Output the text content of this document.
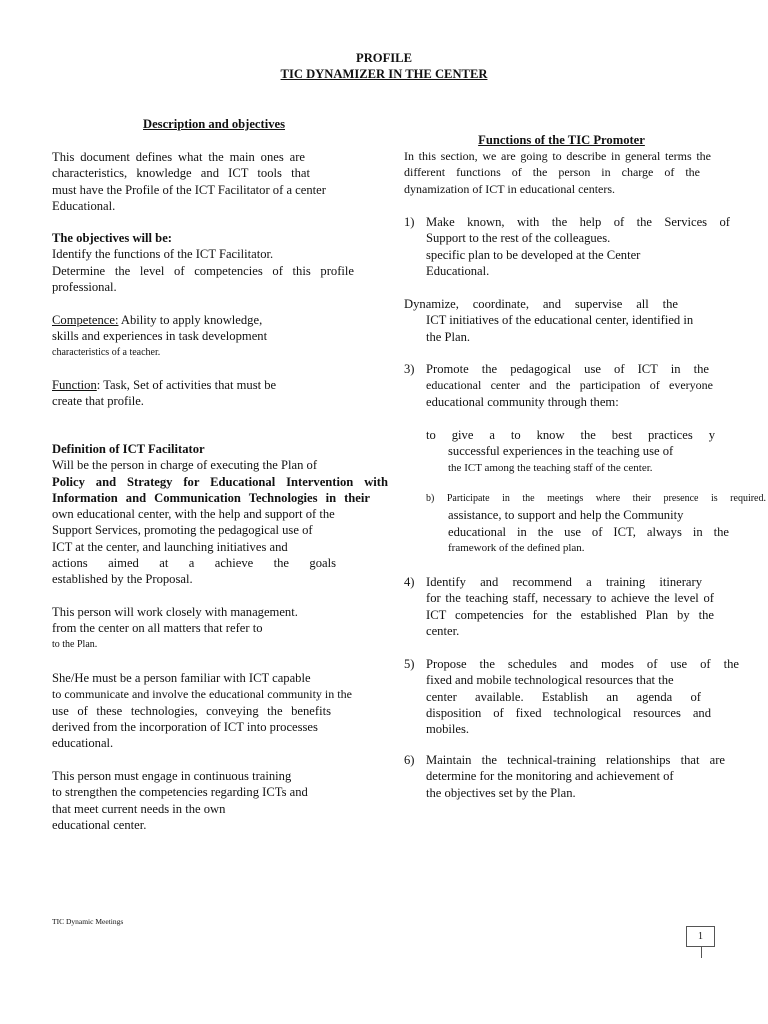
PROFILE
TIC DYNAMIZER IN THE CENTER
Description and objectives
This document defines what the main ones are
characteristics, knowledge and ICT tools that
must have the Profile of the ICT Facilitator of a center
Educational.
The objectives will be:
Identify the functions of the ICT Facilitator.
Determine the level of competencies of this profile
professional.
Competence: Ability to apply knowledge,
skills and experiences in task development
characteristics of a teacher.
Function: Task, Set of activities that must be
create that profile.
Definition of ICT Facilitator
Will be the person in charge of executing the Plan of
Policy and Strategy for Educational Intervention with
Information and Communication Technologies in their
own educational center, with the help and support of the
Support Services, promoting the pedagogical use of
ICT at the center, and launching initiatives and
actions aimed at a achieve the goals
established by the Proposal.
This person will work closely with management.
from the center on all matters that refer to
to the Plan.
She/He must be a person familiar with ICT capable
to communicate and involve the educational community in the
use of these technologies, conveying the benefits
derived from the incorporation of ICT into processes
educational.
This person must engage in continuous training
to strengthen the competencies regarding ICTs and
that meet current needs in the own
educational center.
Functions of the TIC Promoter
In this section, we are going to describe in general terms the
different functions of the person in charge of the
dynamization of ICT in educational centers.
1) Make known, with the help of the Services of
Support to the rest of the colleagues.
specific plan to be developed at the Center
Educational.
Dynamize, coordinate, and supervise all the
ICT initiatives of the educational center, identified in
the Plan.
3) Promote the pedagogical use of ICT in the
educational center and the participation of everyone
educational community through them:
to give a to know the best practices y
successful experiences in the teaching use of
the ICT among the teaching staff of the center.
b) Participate in the meetings where their presence is required.
assistance, to support and help the Community
educational in the use of ICT, always in the
framework of the defined plan.
4) Identify and recommend a training itinerary
for the teaching staff, necessary to achieve the level of
ICT competencies for the established Plan by the
center.
5) Propose the schedules and modes of use of the
fixed and mobile technological resources that the
center available. Establish an agenda of
disposition of fixed technological resources and
mobiles.
6) Maintain the technical-training relationships that are
determine for the monitoring and achievement of
the objectives set by the Plan.
TIC Dynamic Meetings
1
